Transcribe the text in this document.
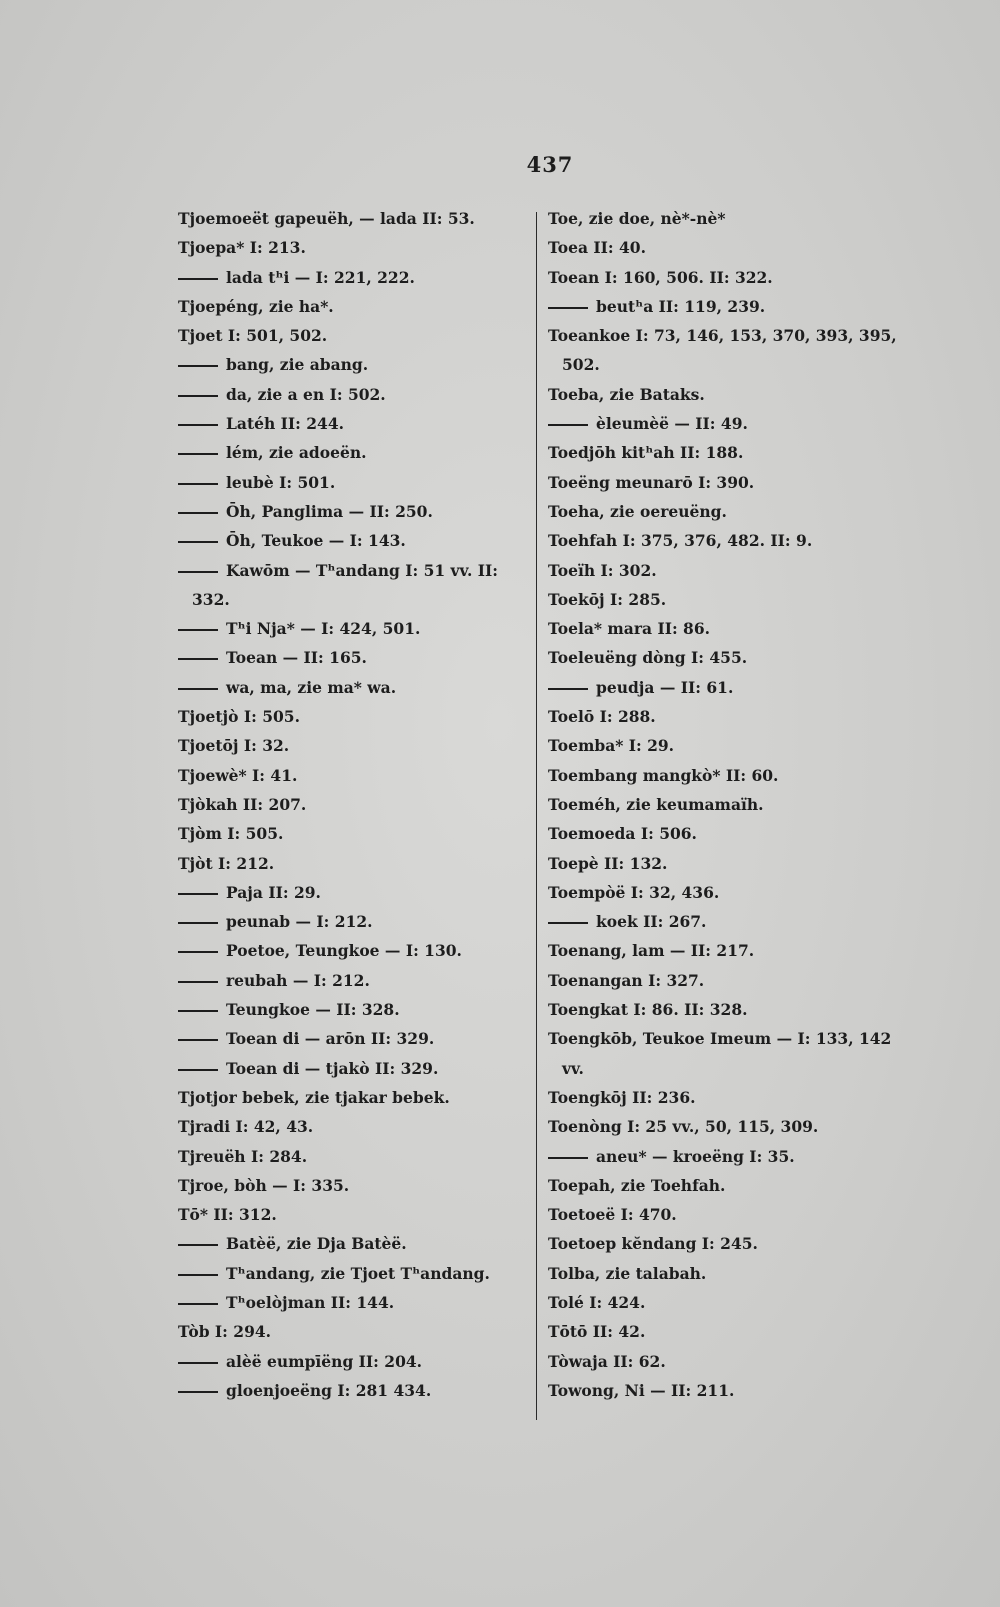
437
Tjoemoeët gapeuëh, — lada II: 53.
Tjoepa* I: 213.
lada tʰi — I: 221, 222.
Tjoepéng, zie ha*.
Tjoet I: 501, 502.
bang, zie abang.
da, zie a en I: 502.
Latéh II: 244.
lém, zie adoeën.
leubè I: 501.
Ōh, Panglima — II: 250.
Ōh, Teukoe — I: 143.
Kawōm — Tʰandang I: 51 vv. II:
332.
Tʰi Nja* — I: 424, 501.
Toean — II: 165.
wa, ma, zie ma* wa.
Tjoetjò I: 505.
Tjoetōj I: 32.
Tjoewè* I: 41.
Tjòkah II: 207.
Tjòm I: 505.
Tjòt I: 212.
Paja II: 29.
peunab — I: 212.
Poetoe, Teungkoe — I: 130.
reubah — I: 212.
Teungkoe — II: 328.
Toean di — arōn II: 329.
Toean di — tjakò II: 329.
Tjotjor bebek, zie tjakar bebek.
Tjradi I: 42, 43.
Tjreuëh I: 284.
Tjroe, bòh — I: 335.
Tō* II: 312.
Batèë, zie Dja Batèë.
Tʰandang, zie Tjoet Tʰandang.
Tʰoelòjman II: 144.
Tòb I: 294.
alèë eumpīëng II: 204.
gloenjoeëng I: 281 434.
Toe, zie doe, nè*-nè*
Toea II: 40.
Toean I: 160, 506. II: 322.
beutʰa II: 119, 239.
Toeankoe I: 73, 146, 153, 370, 393, 395,
502.
Toeba, zie Bataks.
èleumèë — II: 49.
Toedjōh kitʰah II: 188.
Toeëng meunarō I: 390.
Toeha, zie oereuëng.
Toehfah I: 375, 376, 482. II: 9.
Toeïh I: 302.
Toekōj I: 285.
Toela* mara II: 86.
Toeleuëng dòng I: 455.
peudja — II: 61.
Toelō I: 288.
Toemba* I: 29.
Toembang mangkò* II: 60.
Toeméh, zie keumamaïh.
Toemoeda I: 506.
Toepè II: 132.
Toempòë I: 32, 436.
koek II: 267.
Toenang, lam — II: 217.
Toenangan I: 327.
Toengkat I: 86. II: 328.
Toengkōb, Teukoe Imeum — I: 133, 142
vv.
Toengkōj II: 236.
Toenòng I: 25 vv., 50, 115, 309.
aneu* — kroeëng I: 35.
Toepah, zie Toehfah.
Toetoeë I: 470.
Toetoep kĕndang I: 245.
Tolba, zie talabah.
Tolé I: 424.
Tōtō II: 42.
Tòwaja II: 62.
Towong, Ni — II: 211.
